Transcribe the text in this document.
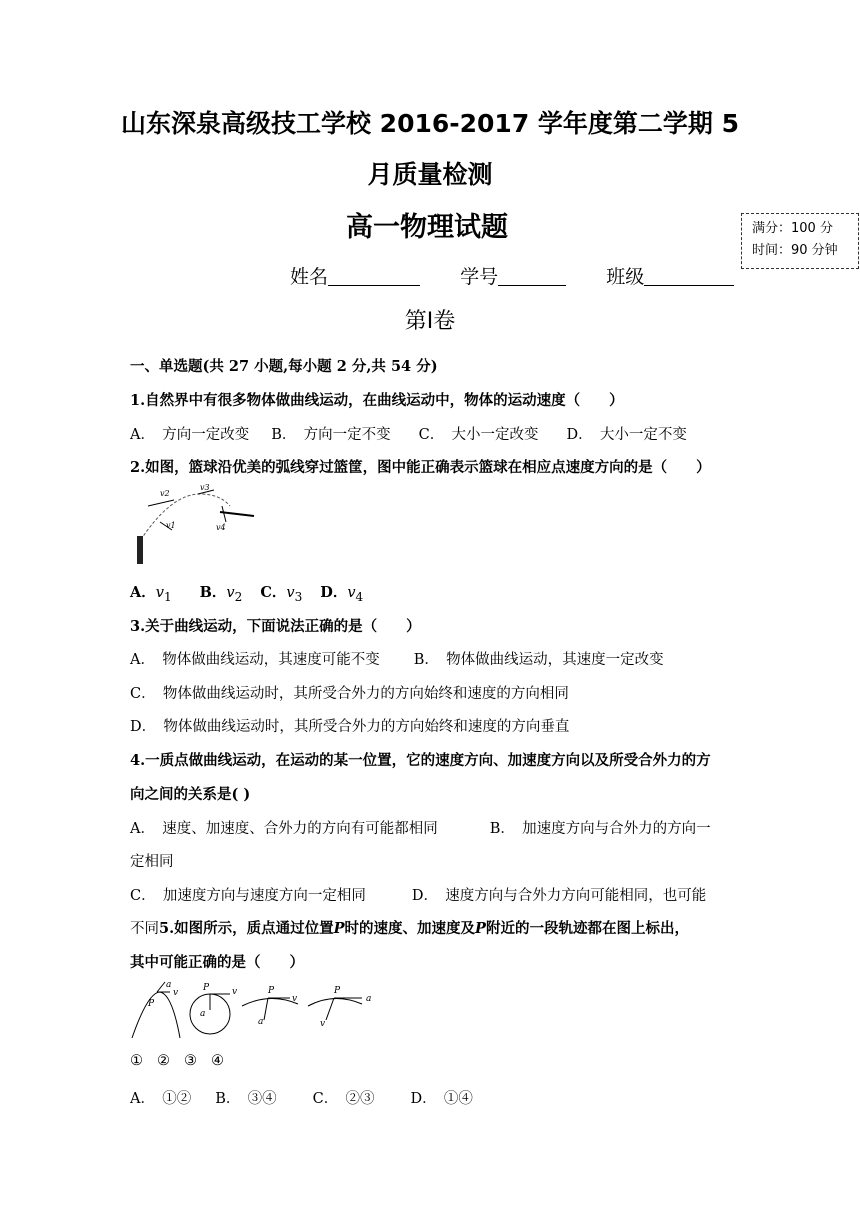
山东深泉高级技工学校 2016-2017 学年度第二学期 5
月质量检测
高一物理试题	满分：100 分
时间：90 分钟
姓名	学号	班级
第Ⅰ卷
一、单选题(共 27 小题,每小题 2 分,共 54 分)
1.自然界中有很多物体做曲线运动，在曲线运动中，物体的运动速度（　　）
A．　方向一定改变 B．　方向一定不变 C．　大小一定改变 D．　大小一定不变
2.如图，篮球沿优美的弧线穿过篮筐，图中能正确表示篮球在相应点速度方向的是（　　）
v2
v3
v1	v4
A．$v_1$ B．$v_2$ C．$v_3$ D．$v_4$
3.关于曲线运动，下面说法正确的是（　　）
A．　物体做曲线运动，其速度可能不变 B．　物体做曲线运动，其速度一定改变
C．　物体做曲线运动时，其所受合外力的方向始终和速度的方向相同
D．　物体做曲线运动时，其所受合外力的方向始终和速度的方向垂直
4.一质点做曲线运动，在运动的某一位置，它的速度方向、加速度方向以及所受合外力的方
向之间的关系是( )
A．　速度、加速度、合外力的方向有可能都相同	B．　加速度方向与合外力的方向一
定相同
C．　加速度方向与速度方向一定相同	D．　速度方向与合外力方向可能相同，也可能
不同5.如图所示，质点通过位置P时的速度、加速度及P附近的一段轨迹都在图上标出，
其中可能正确的是（　　）
a
v
P
P	v
a
P
v
a
P
a
v
① ② ③ ④
A．　①② B．　③④ C．　②③ D．　①④
